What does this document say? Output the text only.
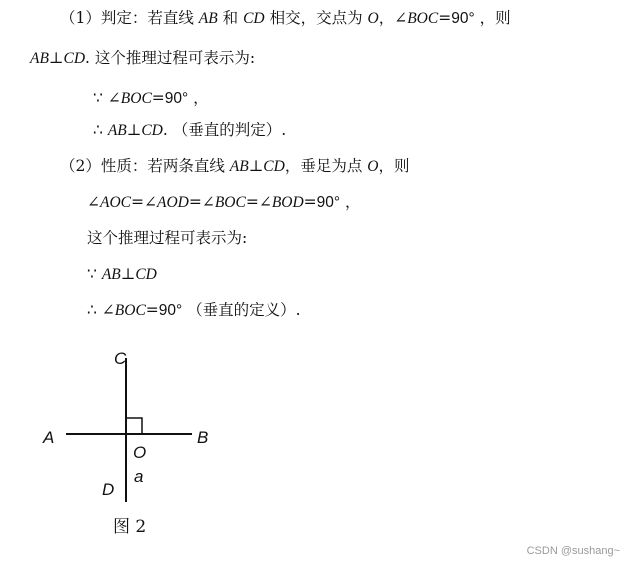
（1）判定：若直线 AB 和 CD 相交，交点为 O，∠BOC=90° ，则
AB⊥CD. 这个推理过程可表示为:
∵ ∠BOC=90° ，
∴ AB⊥CD. （垂直的判定）.
（2）性质：若两条直线 AB⊥CD，垂足为点 O，则
∠AOC=∠AOD=∠BOC=∠BOD=90° ，
这个推理过程可表示为:
∵ AB⊥CD
∴ ∠BOC=90° （垂直的定义）.
C
A	B
O
a
D
图 2
CSDN @sushang~
